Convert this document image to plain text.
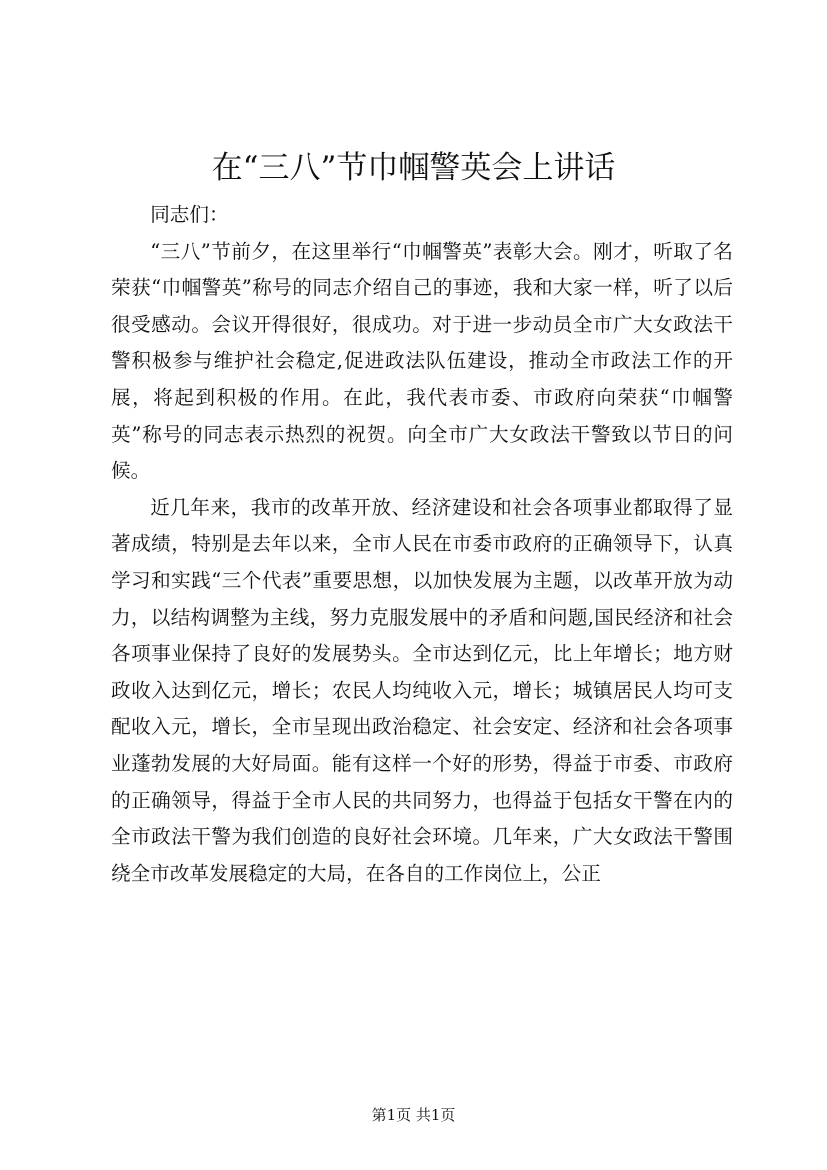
在“三八”节巾帼警英会上讲话

同志们：

“三八”节前夕，在这里举行“巾帼警英”表彰大会。刚才，听取了名荣获“巾帼警英”称号的同志介绍自己的事迹，我和大家一样，听了以后很受感动。会议开得很好，很成功。对于进一步动员全市广大女政法干警积极参与维护社会稳定,促进政法队伍建设，推动全市政法工作的开展，将起到积极的作用。在此，我代表市委、市政府向荣获“巾帼警英”称号的同志表示热烈的祝贺。向全市广大女政法干警致以节日的问候。

近几年来，我市的改革开放、经济建设和社会各项事业都取得了显著成绩，特别是去年以来，全市人民在市委市政府的正确领导下，认真学习和实践“三个代表”重要思想，以加快发展为主题，以改革开放为动力，以结构调整为主线，努力克服发展中的矛盾和问题,国民经济和社会各项事业保持了良好的发展势头。全市达到亿元，比上年增长；地方财政收入达到亿元，增长；农民人均纯收入元，增长；城镇居民人均可支配收入元，增长，全市呈现出政治稳定、社会安定、经济和社会各项事业蓬勃发展的大好局面。能有这样一个好的形势，得益于市委、市政府的正确领导，得益于全市人民的共同努力，也得益于包括女干警在内的全市政法干警为我们创造的良好社会环境。几年来，广大女政法干警围绕全市改革发展稳定的大局，在各自的工作岗位上，公正

第1页 共1页
